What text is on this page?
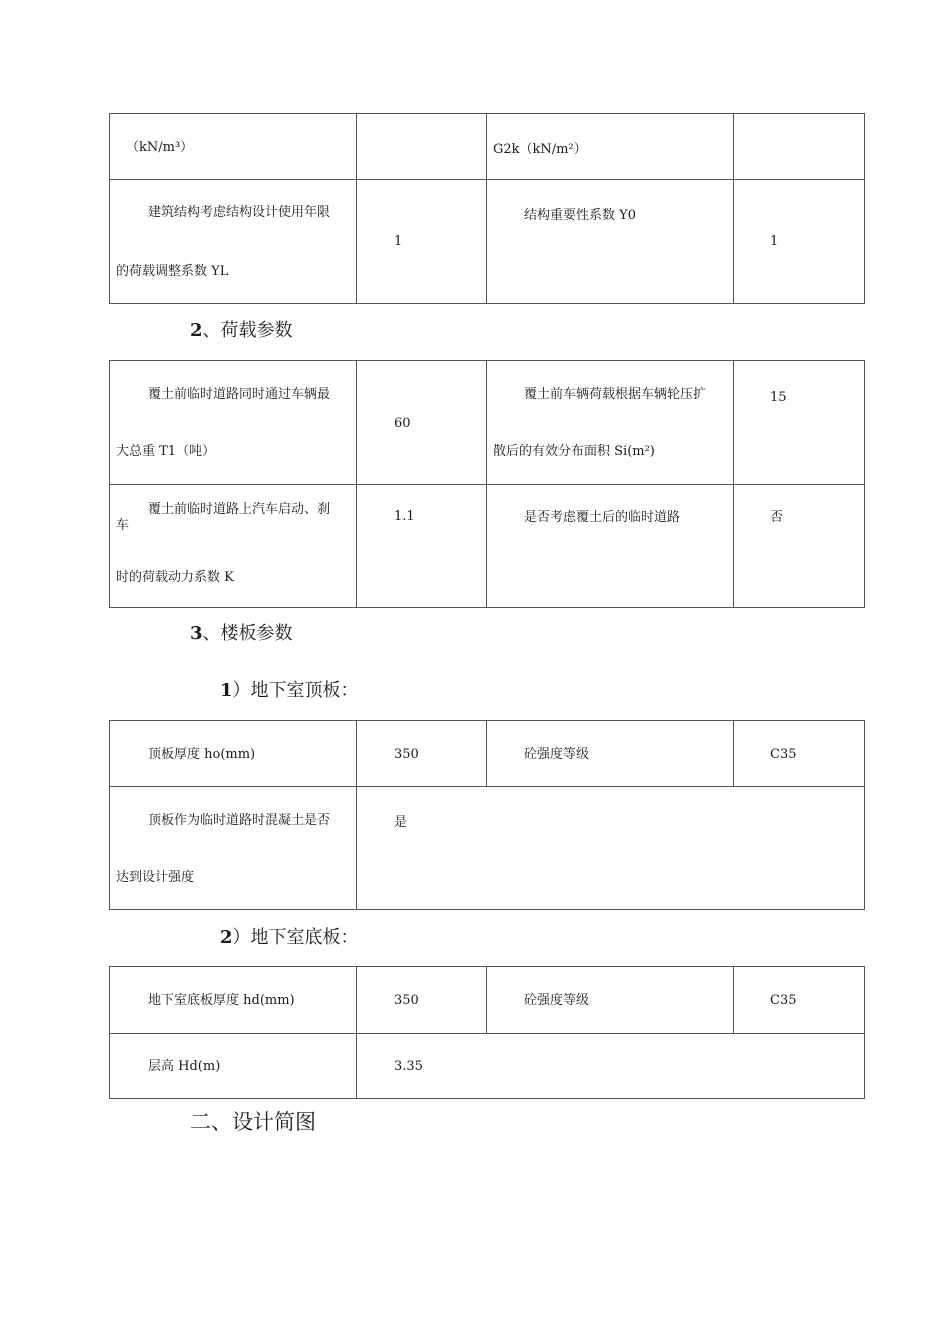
（kN/m³）		G2k（kN/m²）	

建筑结构考虑结构设计使用年限
的荷载调整系数 YL	1	结构重要性系数 Y0	1
2、荷载参数
覆土前临时道路同时通过车辆最
大总重 T1（吨）	60	覆土前车辆荷载根据车辆轮压扩
散后的有效分布面积 Si(m²)	15

覆土前临时道路上汽车启动、刹
车
时的荷载动力系数 K	1.1	是否考虑覆土后的临时道路	否
3、楼板参数
1）地下室顶板：
顶板厚度 ho(mm)	350	砼强度等级	C35

顶板作为临时道路时混凝土是否
达到设计强度	是		
2）地下室底板：
地下室底板厚度 hd(mm)	350	砼强度等级	C35

层高 Hd(m)	3.35		
二、设计简图
